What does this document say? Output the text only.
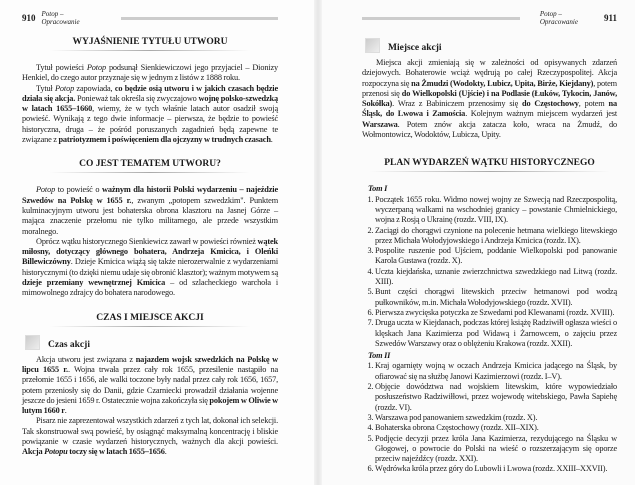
910 Potop – Opracowanie
WYJAŚNIENIE TYTUŁU UTWORU

Tytuł powieści Potop podsunął Sienkiewiczowi jego przyjaciel – Dionizy Henkiel, do czego autor przyznaje się w jednym z listów z 1888 roku.

Tytuł Potop zapowiada, co będzie osią utworu i w jakich czasach będzie działa się akcja. Ponieważ tak określa się zwyczajowo wojnę polsko-szwedzką w latach 1655–1660, wiemy, że w tych właśnie latach autor osadził swoją powieść. Wynikają z tego dwie informacje – pierwsza, że będzie to powieść historyczna, druga – że pośród poruszanych zagadnień będą zapewne te związane z patriotyzmem i poświęceniem dla ojczyzny w trudnych czasach.

CO JEST TEMATEM UTWORU?

Potop to powieść o ważnym dla historii Polski wydarzeniu – najeździe Szwedów na Polskę w 1655 r., zwanym „potopem szwedzkim". Punktem kulminacyjnym utworu jest bohaterska obrona klasztoru na Jasnej Górze – mająca znaczenie przełomu nie tylko militarnego, ale przede wszystkim moralnego.

Oprócz wątku historycznego Sienkiewicz zawarł w powieści również wątek miłosny, dotyczący głównego bohatera, Andrzeja Kmicica, i Oleńki Billewiczówny. Dzieje Kmicica wiążą się także nierozerwalnie z wydarzeniami historycznymi (to dzięki niemu udaje się obronić klasztor); ważnym motywem są dzieje przemiany wewnętrznej Kmicica – od szlacheckiego warchoła i mimowolnego zdrajcy do bohatera narodowego.

CZAS I MIEJSCE AKCJI
Czas akcji

Akcja utworu jest związana z najazdem wojsk szwedzkich na Polskę w lipcu 1655 r.. Wojna trwała przez cały rok 1655, przesilenie nastąpiło na przełomie 1655 i 1656, ale walki toczone były nadal przez cały rok 1656, 1657, potem przeniosły się do Danii, gdzie Czarniecki prowadził działania wojenne jeszcze do jesieni 1659 r. Ostatecznie wojna zakończyła się pokojem w Oliwie w lutym 1660 r.

Pisarz nie zaprezentował wszystkich zdarzeń z tych lat, dokonał ich selekcji. Tak skonstruował swą powieść, by osiągnąć maksymalną koncentrację i bliskie powiązanie w czasie wydarzeń historycznych, ważnych dla akcji powieści. Akcja Potopu toczy się w latach 1655–1656.

Potop – Opracowanie	911
Miejsce akcji

Miejsca akcji zmieniają się w zależności od opisywanych zdarzeń dziejowych. Bohaterowie wciąż wędrują po całej Rzeczypospolitej. Akcja rozpoczyna się na Żmudzi (Wodokty, Lubicz, Upita, Birże, Kiejdany), potem przenosi się do Wielkopolski (Ujście) i na Podlasie (Łuków, Tykocin, Janów, Sokółka). Wraz z Babiniczem przenosimy się do Częstochowy, potem na Śląsk, do Lwowa i Zamościa. Kolejnym ważnym miejscem wydarzeń jest Warszawa. Potem znów akcja zatacza koło, wraca na Żmudź, do Wołmontowicz, Wodoktów, Lubicza, Upity.

PLAN WYDARZEŃ WĄTKU HISTORYCZNEGO
Tom I
1. Początek 1655 roku. Widmo nowej wojny ze Szwecją nad Rzeczpospolitą, wyczerpaną walkami na wschodniej granicy – powstanie Chmielnickiego, wojna z Rosją o Ukrainę (rozdz. VIII, IX).
2. Zaciągi do chorągwi czynione na polecenie hetmana wielkiego litewskiego przez Michała Wołodyjowskiego i Andrzeja Kmicica (rozdz. IX).
3. Pospolite ruszenie pod Ujściem, poddanie Wielkopolski pod panowanie Karola Gustawa (rozdz. X).
4. Uczta kiejdańska, uznanie zwierzchnictwa szwedzkiego nad Litwą (rozdz. XIII).
5. Bunt części chorągwi litewskich przeciw hetmanowi pod wodzą pułkowników, m.in. Michała Wołodyjowskiego (rozdz. XVII).
6. Pierwsza zwycięska potyczka ze Szwedami pod Klewanami (rozdz. XVIII).
7. Druga uczta w Kiejdanach, podczas której książę Radziwiłł ogłasza wieści o klęskach Jana Kazimierza pod Widawą i Żarnowcem, o zajęciu przez Szwedów Warszawy oraz o oblężeniu Krakowa (rozdz. XXII).
Tom II
1. Kraj ogarnięty wojną w oczach Andrzeja Kmicica jadącego na Śląsk, by ofiarować się na służbę Janowi Kazimierzowi (rozdz. I–V).
2. Objęcie dowództwa nad wojskiem litewskim, które wypowiedziało posłuszeństwo Radziwiłłowi, przez wojewodę witebskiego, Pawła Sapiehę (rozdz. VI).
3. Warszawa pod panowaniem szwedzkim (rozdz. X).
4. Bohaterska obrona Częstochowy (rozdz. XII–XIX).
5. Podjęcie decyzji przez króla Jana Kazimierza, rezydującego na Śląsku w Głogowej, o powrocie do Polski na wieść o rozszerzającym się oporze przeciw najeźdźcy (rozdz. XXI).
6. Wędrówka króla przez góry do Lubowli i Lwowa (rozdz. XXIII–XXVII).
